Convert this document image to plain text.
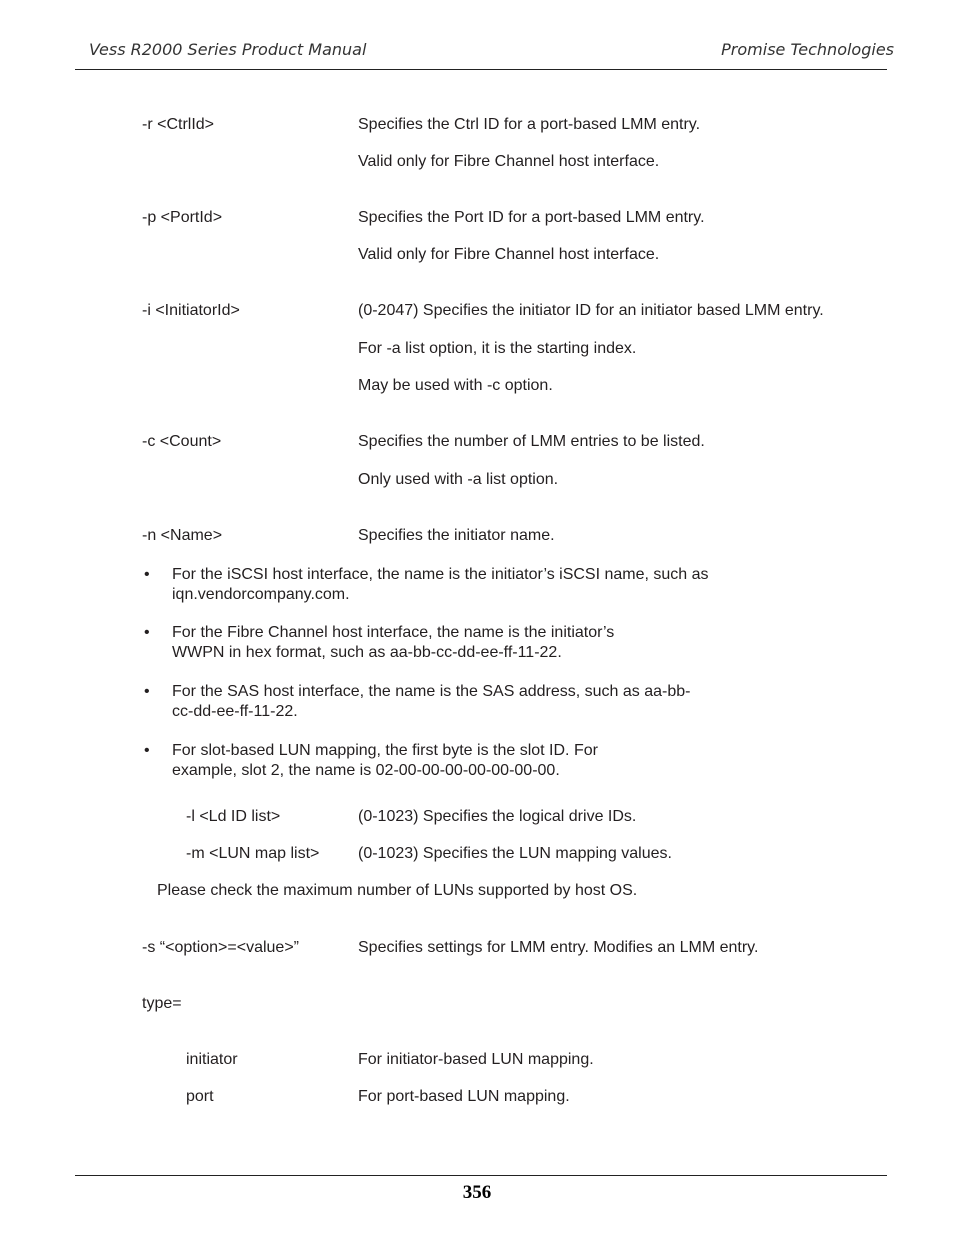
Vess R2000 Series Product Manual	Promise Technologies
-r <CtrlId>	Specifies the Ctrl ID for a port-based LMM entry.
Valid only for Fibre Channel host interface.
-p <PortId>	Specifies the Port ID for a port-based LMM entry.
Valid only for Fibre Channel host interface.
-i <InitiatorId>	(0-2047) Specifies the initiator ID for an initiator based LMM entry.
For -a list option, it is the starting index.
May be used with -c option.
-c <Count>	Specifies the number of LMM entries to be listed.
Only used with -a list option.
-n <Name>	Specifies the initiator name.
• For the iSCSI host interface, the name is the initiator’s iSCSI name, such as iqn.vendorcompany.com.
• For the Fibre Channel host interface, the name is the initiator’s WWPN in hex format, such as aa-bb-cc-dd-ee-ff-11-22.
• For the SAS host interface, the name is the SAS address, such as aa-bb-cc-dd-ee-ff-11-22.
• For slot-based LUN mapping, the first byte is the slot ID. For example, slot 2, the name is 02-00-00-00-00-00-00-00.
-l <Ld ID list>	(0-1023) Specifies the logical drive IDs.
-m <LUN map list> (0-1023) Specifies the LUN mapping values.
Please check the maximum number of LUNs supported by host OS.
-s “<option>=<value>”	Specifies settings for LMM entry. Modifies an LMM entry.
type=
initiator	For initiator-based LUN mapping.
port	For port-based LUN mapping.
356
